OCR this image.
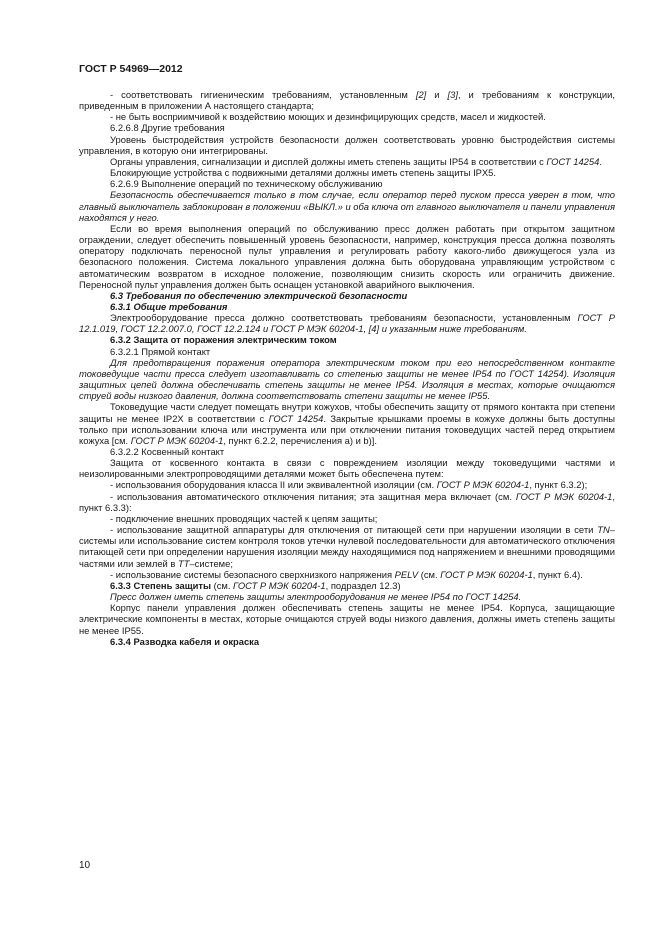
ГОСТ Р 54969—2012

- соответствовать гигиеническим требованиям, установленным [2] и [3], и требованиям к конструкции, приведенным в приложении А настоящего стандарта;

- не быть восприимчивой к воздействию моющих и дезинфицирующих средств, масел и жидкостей.

6.2.6.8 Другие требования

Уровень быстродействия устройств безопасности должен соответствовать уровню быстродействия системы управления, в которую они интегрированы.

Органы управления, сигнализации и дисплей должны иметь степень защиты IP54 в соответствии с ГОСТ 14254.

Блокирующие устройства с подвижными деталями должны иметь степень защиты IPX5.

6.2.6.9 Выполнение операций по техническому обслуживанию

Безопасность обеспечивается только в том случае, если оператор перед пуском пресса уверен в том, что главный выключатель заблокирован в положении «ВЫКЛ.» и оба ключа от главного выключателя и панели управления находятся у него.

Если во время выполнения операций по обслуживанию пресс должен работать при открытом защитном ограждении, следует обеспечить повышенный уровень безопасности, например, конструкция пресса должна позволять оператору подключать переносной пульт управления и регулировать работу какого-либо движущегося узла из безопасного положения. Система локального управления должна быть оборудована управляющим устройством с автоматическим возвратом в исходное положение, позволяющим снизить скорость или ограничить движение. Переносной пульт управления должен быть оснащен установкой аварийного выключения.

6.3 Требования по обеспечению электрической безопасности

6.3.1 Общие требования

Электрооборудование пресса должно соответствовать требованиям безопасности, установленным ГОСТ Р 12.1.019, ГОСТ 12.2.007.0, ГОСТ 12.2.124 и ГОСТ Р МЭК 60204-1, [4] и указанным ниже требованиям.

6.3.2 Защита от поражения электрическим током

6.3.2.1 Прямой контакт

Для предотвращения поражения оператора электрическим током при его непосредственном контакте токоведущие части пресса следует изготавливать со степенью защиты не менее IP54 по ГОСТ 14254). Изоляция защитных цепей должна обеспечивать степень защиты не менее IP54. Изоляция в местах, которые очищаются струей воды низкого давления, должна соответствовать степени защиты не менее IP55.

Токоведущие части следует помещать внутри кожухов, чтобы обеспечить защиту от прямого контакта при степени защиты не менее IP2X в соответствии с ГОСТ 14254. Закрытые крышками проемы в кожухе должны быть доступны только при использовании ключа или инструмента или при отключении питания токоведущих частей перед открытием кожуха [см. ГОСТ Р МЭК 60204-1, пункт 6.2.2, перечисления а) и b)].

6.3.2.2 Косвенный контакт

Защита от косвенного контакта в связи с повреждением изоляции между токоведущими частями и неизолированными электропроводящими деталями может быть обеспечена путем:

- использования оборудования класса II или эквивалентной изоляции (см. ГОСТ Р МЭК 60204-1, пункт 6.3.2);

- использования автоматического отключения питания; эта защитная мера включает (см. ГОСТ Р МЭК 60204-1, пункт 6.3.3):

- подключение внешних проводящих частей к цепям защиты;

- использование защитной аппаратуры для отключения от питающей сети при нарушении изоляции в сети TN–системы или использование систем контроля токов утечки нулевой последовательности для автоматического отключения питающей сети при определении нарушения изоляции между находящимися под напряжением и внешними проводящими частями или землей в TT–системе;

- использование системы безопасного сверхнизкого напряжения PELV (см. ГОСТ Р МЭК 60204-1, пункт 6.4).

6.3.3 Степень защиты (см. ГОСТ Р МЭК 60204-1, подраздел 12.3)

Пресс должен иметь степень защиты электрооборудования не менее IP54 по ГОСТ 14254.

Корпус панели управления должен обеспечивать степень защиты не менее IP54. Корпуса, защищающие электрические компоненты в местах, которые очищаются струей воды низкого давления, должны иметь степень защиты не менее IP55.

6.3.4 Разводка кабеля и окраска

10
